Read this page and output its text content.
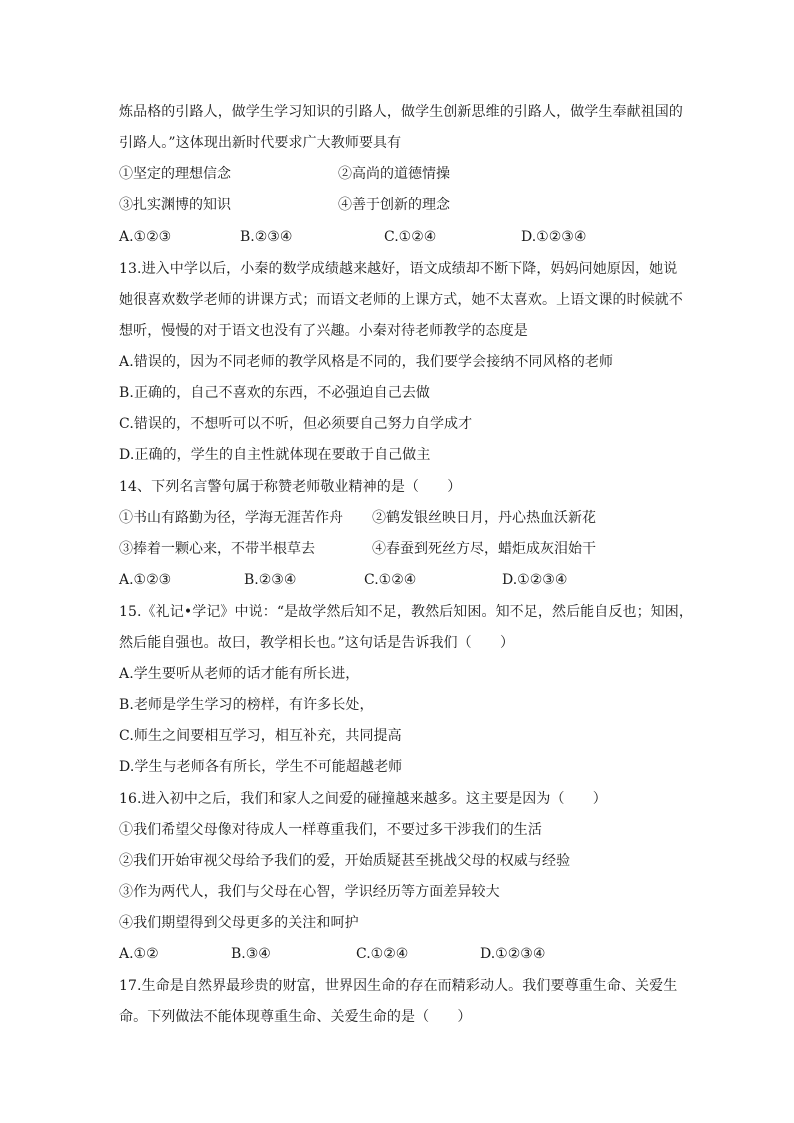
炼品格的引路人，做学生学习知识的引路人，做学生创新思维的引路人，做学生奉献祖国的
引路人。”这体现出新时代要求广大教师要具有
①坚定的理想信念	②高尚的道德情操
③扎实渊博的知识	④善于创新的理念
A.①②③	B.②③④	C.①②④	D.①②③④
13.进入中学以后，小秦的数学成绩越来越好，语文成绩却不断下降，妈妈问她原因，她说
她很喜欢数学老师的讲课方式；而语文老师的上课方式，她不太喜欢。上语文课的时候就不
想听，慢慢的对于语文也没有了兴趣。小秦对待老师教学的态度是
A.错误的，因为不同老师的教学风格是不同的，我们要学会接纳不同风格的老师
B.正确的，自己不喜欢的东西，不必强迫自己去做
C.错误的，不想听可以不听，但必须要自己努力自学成才
D.正确的，学生的自主性就体现在要敢于自己做主
14、下列名言警句属于称赞老师敬业精神的是（　　）
①书山有路勤为径，学海无涯苦作舟 ②鹤发银丝映日月，丹心热血沃新花
③捧着一颗心来，不带半根草去	④春蚕到死丝方尽，蜡炬成灰泪始干
A.①②③	B.②③④	C.①②④	D.①②③④
15.《礼记•学记》中说：“是故学然后知不足，教然后知困。知不足，然后能自反也；知困，
然后能自强也。故曰，教学相长也。”这句话是告诉我们（　　）
A.学生要听从老师的话才能有所长进，
B.老师是学生学习的榜样，有许多长处，
C.师生之间要相互学习，相互补充，共同提高
D.学生与老师各有所长，学生不可能超越老师
16.进入初中之后，我们和家人之间爱的碰撞越来越多。这主要是因为（　　）
①我们希望父母像对待成人一样尊重我们，不要过多干涉我们的生活
②我们开始审视父母给予我们的爱，开始质疑甚至挑战父母的权威与经验
③作为两代人，我们与父母在心智，学识经历等方面差异较大
④我们期望得到父母更多的关注和呵护
A.①②	B.③④	C.①②④	D.①②③④
17.生命是自然界最珍贵的财富，世界因生命的存在而精彩动人。我们要尊重生命、关爱生
命。下列做法不能体现尊重生命、关爱生命的是（　　）
